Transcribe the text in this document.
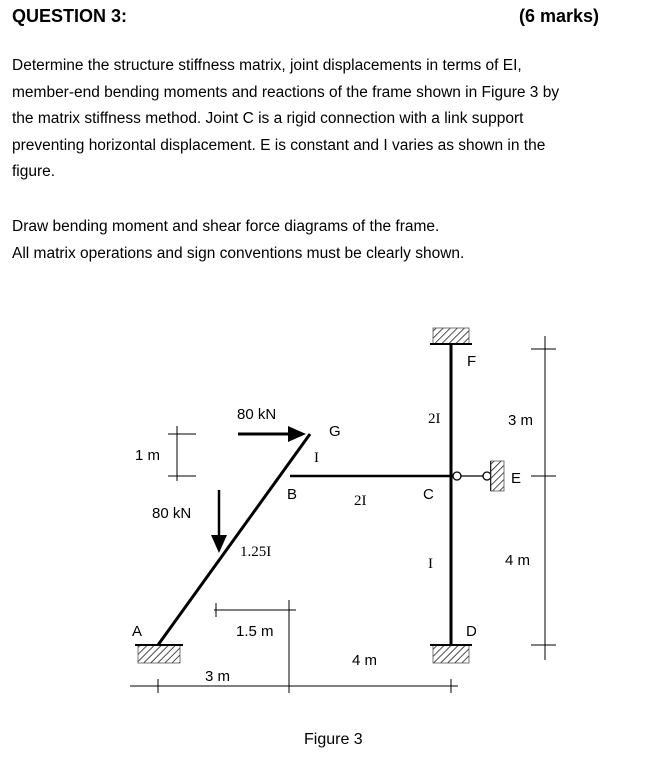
QUESTION 3:	(6 marks)
Determine the structure stiffness matrix, joint displacements in terms of EI,
member-end bending moments and reactions of the frame shown in Figure 3 by
the matrix stiffness method. Joint C is a rigid connection with a link support
preventing horizontal displacement. E is constant and I varies as shown in the
figure.
Draw bending moment and shear force diagrams of the frame.
All matrix operations and sign conventions must be clearly shown.
A
B	C
D
E
F
G
80 kN
80 kN
1.25I
I
2I
2I
I
1 m
3 m
4 m
1.5 m
3 m
4 m
Figure 3
